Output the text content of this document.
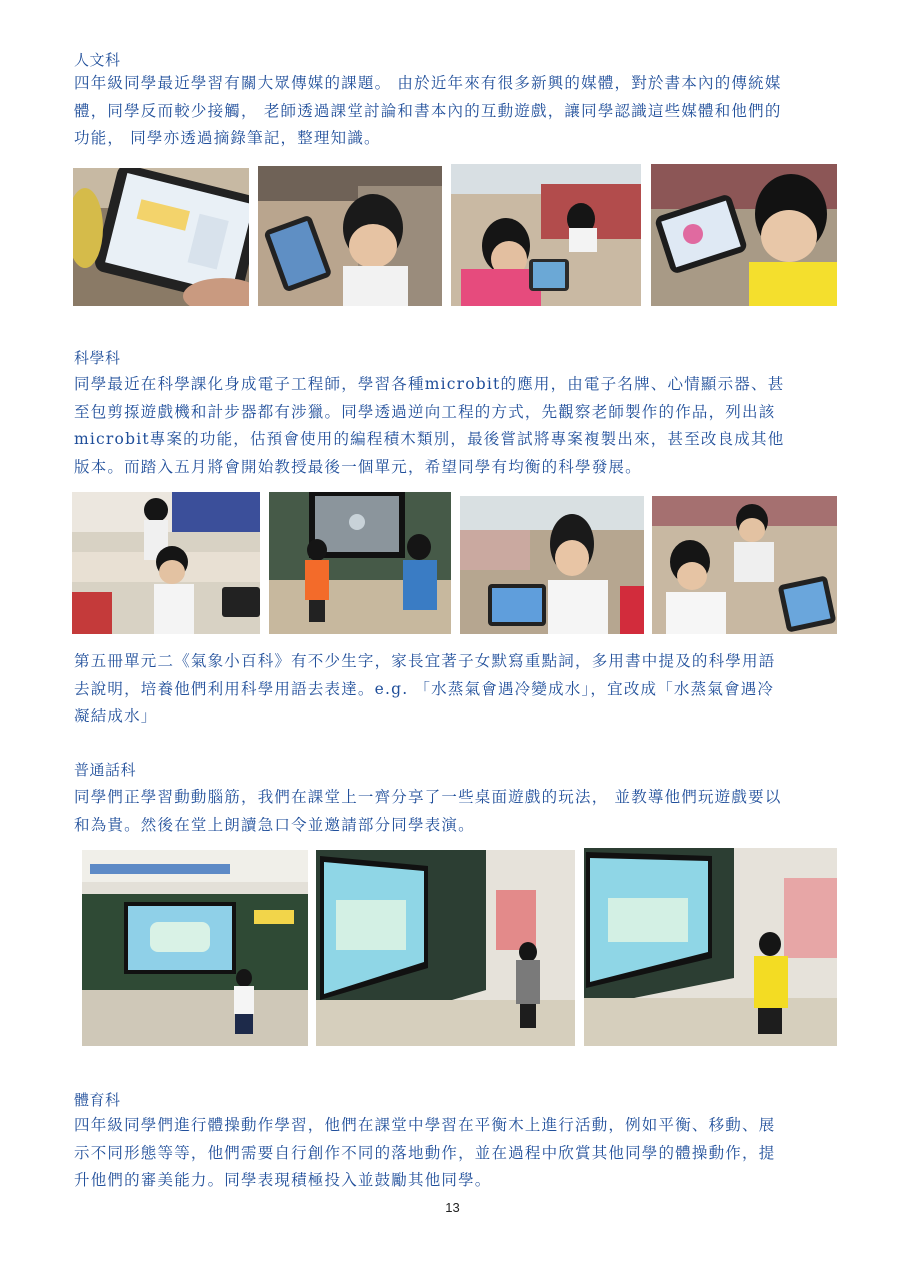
人文科
四年級同學最近學習有關大眾傳媒的課題。 由於近年來有很多新興的媒體，對於書本內的傳統媒
體，同學反而較少接觸， 老師透過課堂討論和書本內的互動遊戲，讓同學認識這些媒體和他們的
功能， 同學亦透過摘錄筆記，整理知識。
科學科
同學最近在科學課化身成電子工程師，學習各種microbit的應用，由電子名牌、心情顯示器、甚
至包剪揼遊戲機和計步器都有涉獵。同學透過逆向工程的方式，先觀察老師製作的作品，列出該
microbit專案的功能，估預會使用的編程積木類別，最後嘗試將專案複製出來，甚至改良成其他
版本。而踏入五月將會開始教授最後一個單元，希望同學有均衡的科學發展。
第五冊單元二《氣象小百科》有不少生字，家長宜著子女默寫重點詞，多用書中提及的科學用語
去說明，培養他們利用科學用語去表達。e.g. 「水蒸氣會遇冷變成水」，宜改成「水蒸氣會遇冷
凝結成水」
普通話科
同學們正學習動動腦筋，我們在課堂上一齊分享了一些桌面遊戲的玩法， 並教導他們玩遊戲要以
和為貴。然後在堂上朗讀急口令並邀請部分同學表演。
體育科
四年級同學們進行體操動作學習，他們在課堂中學習在平衡木上進行活動，例如平衡、移動、展
示不同形態等等，他們需要自行創作不同的落地動作，並在過程中欣賞其他同學的體操動作，提
升他們的審美能力。同學表現積極投入並鼓勵其他同學。
13
